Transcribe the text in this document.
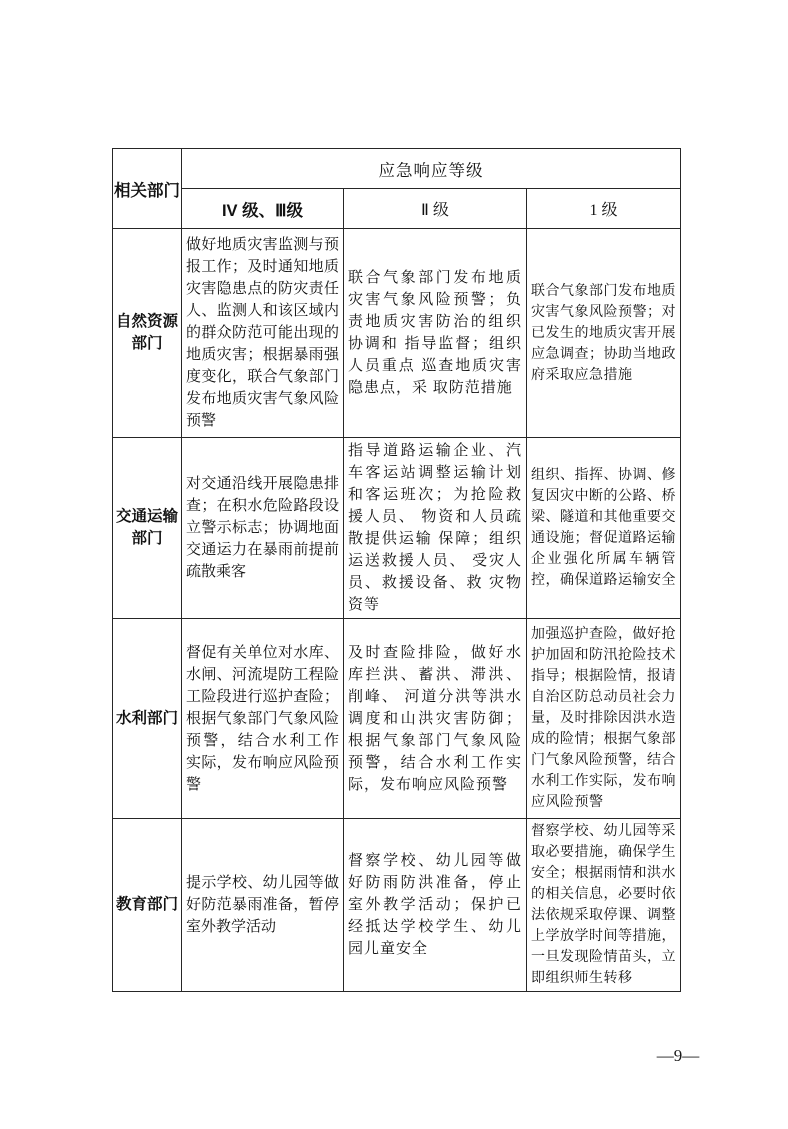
相关部门	应急响应等级		
	IV 级、Ⅲ级	Ⅱ 级	1 级
自然资源部门	做好地质灾害监测与预报工作；及时通知地质灾害隐患点的防灾责任人、监测人和该区域内的群众防范可能出现的地质灾害；根据暴雨强度变化，联合气象部门发布地质灾害气象风险预警	联合气象部门发布地质灾害气象风险预警；负责地质灾害防治的组织协调和 指导监督；组织人员重点 巡查地质灾害隐患点，采 取防范措施	联合气象部门发布地质 灾害气象风险预警；对 已发生的地质灾害开展 应急调查；协助当地政 府采取应急措施
交通运输部门	对交通沿线开展隐患排查；在积水危险路段设立警示标志；协调地面交通运力在暴雨前提前疏散乘客	指导道路运输企业、汽车客运站调整运输计划和客运班次；为抢险救援人员、 物资和人员疏散提供运输 保障；组织运送救援人员、 受灾人员、救援设备、救 灾物资等	组织、指挥、协调、修复因灾中断的公路、桥梁、隧道和其他重要交通设施；督促道路运输 企业强化所属车辆管控，确保道路运输安全
水利部门	督促有关单位对水库、水闸、河流堤防工程险工险段进行巡护查险；根据气象部门气象风险预警，结合水利工作 实际，发布响应风险预 警	及时查险排险，做好水库拦洪、蓄洪、滞洪、削峰、 河道分洪等洪水调度和山洪灾害防御；根据气象部门气象风险预警，结合水利工作实际，发布响应风险预警	加强巡护查险，做好抢护加固和防汛抢险技术指导；根据险情，报请自治区防总动员社会力 量，及时排除因洪水造 成的险情；根据气象部 门气象风险预警，结合 水利工作实际，发布响 应风险预警
教育部门	提示学校、幼儿园等做好防范暴雨准备，暂停室外教学活动	督察学校、幼儿园等做好防雨防洪准备，停止室外教学活动；保护已经抵达学校学生、幼儿园儿童安全	督察学校、幼儿园等采取必要措施，确保学生安全；根据雨情和洪水的相关信息，必要时依法依规采取停课、调整上学放学时间等措施，一旦发现险情苗头，立即组织师生转移
—9—
